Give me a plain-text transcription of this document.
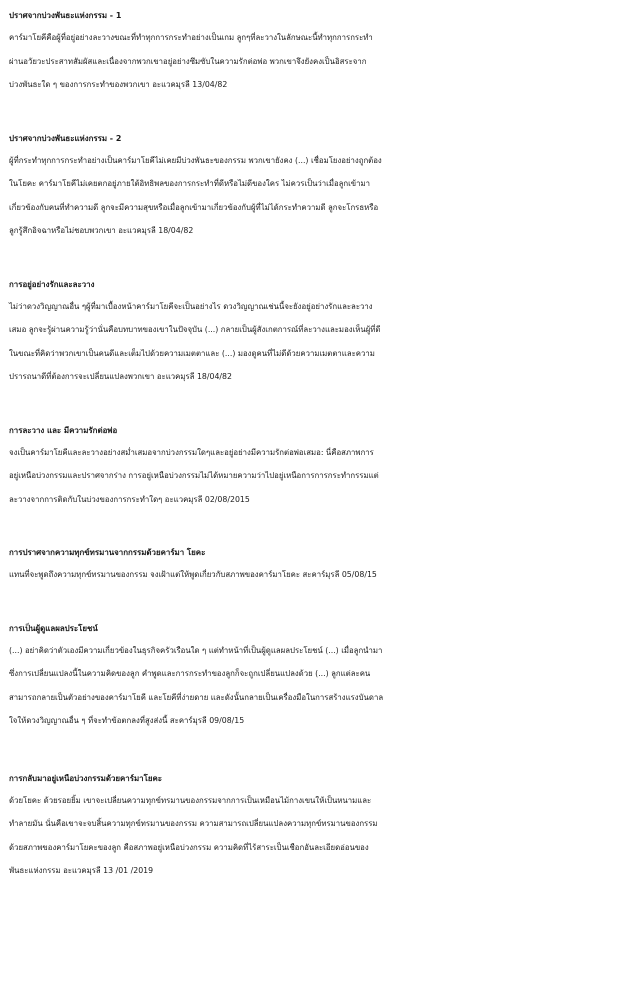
ปราศจากบ่วงพันธะแห่งกรรม - 1
คาร์มาโยคีคือผู้ที่อยู่อย่างละวางขณะที่ทำทุกการกระทำอย่างเป็นเกม ลูกๆที่ละวางในลักษณะนี้ทำทุกการกระทำ
ผ่านอวัยวะประสาทสัมผัสและเนื่องจากพวกเขาอยู่อย่างซึมซับในความรักต่อพ่อ พวกเขาจึงยังคงเป็นอิสระจาก
บ่วงพันธะใด ๆ ของการกระทำของพวกเขา อะแวคมุรลี 13/04/82
ปราศจากบ่วงพันธะแห่งกรรม - 2
ผู้ที่กระทำทุกการกระทำอย่างเป็นคาร์มาโยคีไม่เคยมีบ่วงพันธะของกรรม พวกเขายังคง (...) เชื่อมโยงอย่างถูกต้อง
ในโยคะ คาร์มาโยคีไม่เคยตกอยู่ภายใต้อิทธิพลของการกระทำที่ดีหรือไม่ดีของใคร ไม่ควรเป็นว่าเมื่อลูกเข้ามา
เกี่ยวข้องกับคนที่ทำความดี ลูกจะมีความสุขหรือเมื่อลูกเข้ามาเกี่ยวข้องกับผู้ที่ไม่ได้กระทำความดี ลูกจะโกรธหรือ
ลูกรู้สึกอิจฉาหรือไม่ชอบพวกเขา อะแวคมุรลี 18/04/82
การอยู่อย่างรักและละวาง
ไม่ว่าดวงวิญญาณอื่น ๆผู้ที่มาเบื้องหน้าคาร์มาโยคีจะเป็นอย่างไร ดวงวิญญาณเช่นนี้จะยังอยู่อย่างรักและละวาง
เสมอ ลูกจะรู้ผ่านความรู้ว่านั่นคือบทบาทของเขาในปัจจุบัน (...) กลายเป็นผู้สังเกตการณ์ที่ละวางและมองเห็นผู้ที่ดี
ในขณะที่คิดว่าพวกเขาเป็นคนดีและเต็มไปด้วยความเมตตาและ (...) มองดูคนที่ไม่ดีด้วยความเมตตาและความ
ปรารถนาดีที่ต้องการจะเปลี่ยนแปลงพวกเขา อะแวคมุรลี 18/04/82
การละวาง และ มีความรักต่อพ่อ
จงเป็นคาร์มาโยคีและละวางอย่างสม่ำเสมอจากบ่วงกรรมใดๆและอยู่อย่างมีความรักต่อพ่อเสมอ: นี่คือสภาพการ
อยู่เหนือบ่วงกรรมและปราศจากร่าง การอยู่เหนือบ่วงกรรมไม่ได้หมายความว่าไปอยู่เหนือการการกระทำกรรมแต่
ละวางจากการติดกับในบ่วงของการกระทำใดๆ อะแวคมุรลี 02/08/2015
การปราศจากความทุกข์ทรมานจากกรรมด้วยคาร์มา โยคะ
แทนที่จะพูดถึงความทุกข์ทรมานของกรรม จงเฝ้าแต่ให้พูดเกี่ยวกับสภาพของคาร์มาโยคะ สะคาร์มุรลี 05/08/15
การเป็นผู้ดูแลผลประโยชน์
(...) อย่าคิดว่าตัวเองมีความเกี่ยวข้องในธุรกิจครัวเรือนใด ๆ แต่ทำหน้าที่เป็นผู้ดูแลผลประโยชน์ (...) เมื่อลูกนำมา
ซึ่งการเปลี่ยนแปลงนี้ในความคิดของลูก คำพูดและการกระทำของลูกก็จะถูกเปลี่ยนแปลงด้วย (...) ลูกแต่ละคน
สามารถกลายเป็นตัวอย่างของคาร์มาโยคี และโยคีที่ง่ายดาย และดังนั้นกลายเป็นเครื่องมือในการสร้างแรงบันดาล
ใจให้ดวงวิญญาณอื่น ๆ ที่จะทำข้อตกลงที่สูงส่งนี้ สะคาร์มุรลี 09/08/15
การกลับมาอยู่เหนือบ่วงกรรมด้วยคาร์มาโยคะ
ด้วยโยคะ ด้วยรอยยิ้ม เขาจะเปลี่ยนความทุกข์ทรมานของกรรมจากการเป็นเหมือนไม้กางเขนให้เป็นหนามและ
ทำลายมัน นั่นคือเขาจะจบสิ้นความทุกข์ทรมานของกรรม ความสามารถเปลี่ยนแปลงความทุกข์ทรมานของกรรม
ด้วยสภาพของคาร์มาโยคะของลูก คือสภาพอยู่เหนือบ่วงกรรม ความคิดที่ไร้สาระเป็นเชือกอันละเอียดอ่อนของ
พันธะแห่งกรรม อะแวคมุรลี 13 /01 /2019
